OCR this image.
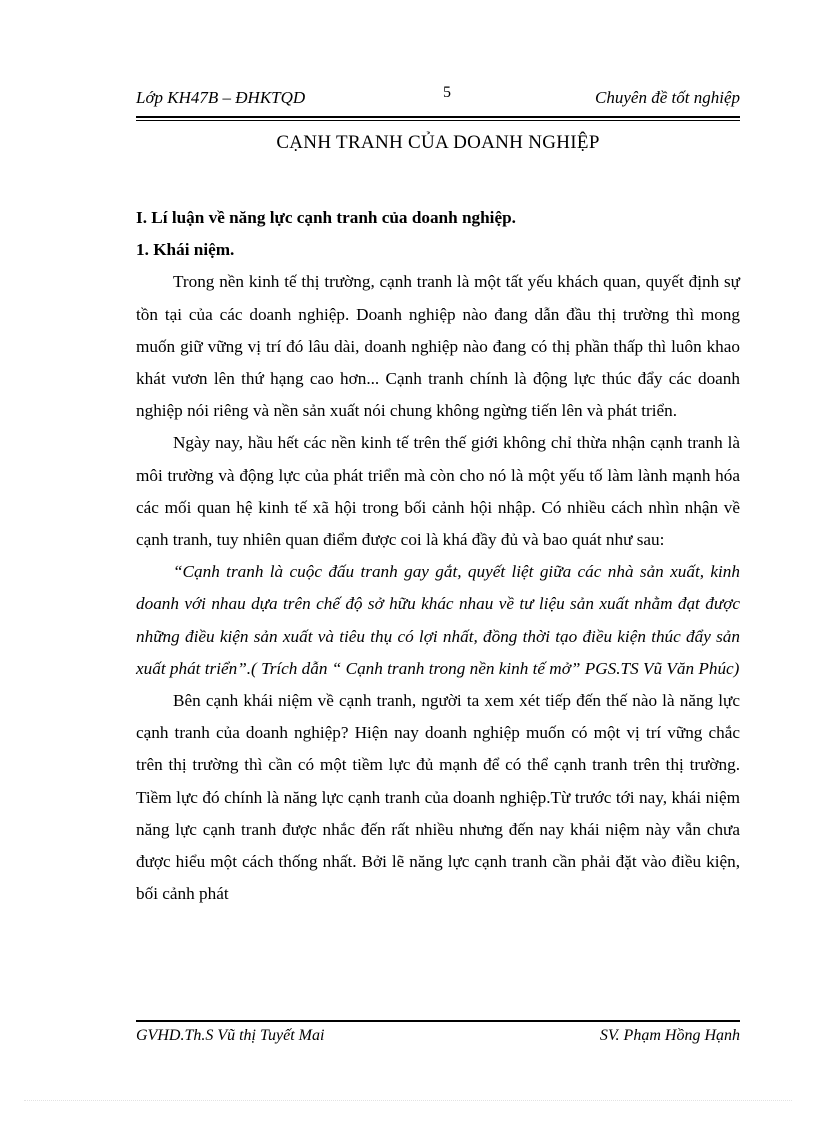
Lớp KH47B – ĐHKTQD	5	Chuyên đề tốt nghiệp
CẠNH TRANH CỦA DOANH NGHIỆP

I. Lí luận về năng lực cạnh tranh của doanh nghiệp.

1. Khái niệm.

Trong nền kinh tế thị trường, cạnh tranh là một tất yếu khách quan, quyết định sự tồn tại của các doanh nghiệp. Doanh nghiệp nào đang dẫn đầu thị trường thì mong muốn giữ vững vị trí đó lâu dài, doanh nghiệp nào đang có thị phần thấp thì luôn khao khát vươn lên thứ hạng cao hơn... Cạnh tranh chính là động lực thúc đẩy các doanh nghiệp nói riêng và nền sản xuất nói chung không ngừng tiến lên và phát triển.

Ngày nay, hầu hết các nền kinh tế trên thế giới không chỉ thừa nhận cạnh tranh là môi trường và động lực của phát triển mà còn cho nó là một yếu tố làm lành mạnh hóa các mối quan hệ kinh tế xã hội trong bối cảnh hội nhập. Có nhiều cách nhìn nhận về cạnh tranh, tuy nhiên quan điểm được coi là khá đầy đủ và bao quát như sau:

“Cạnh tranh là cuộc đấu tranh gay gắt, quyết liệt giữa các nhà sản xuất, kinh doanh với nhau dựa trên chế độ sở hữu khác nhau về tư liệu sản xuất nhằm đạt được những điều kiện sản xuất và tiêu thụ có lợi nhất, đồng thời tạo điều kiện thúc đẩy sản xuất phát triển”.( Trích dẫn “ Cạnh tranh trong nền kinh tế mở” PGS.TS Vũ Văn Phúc)

Bên cạnh khái niệm về cạnh tranh, người ta xem xét tiếp đến thế nào là năng lực cạnh tranh của doanh nghiệp? Hiện nay doanh nghiệp muốn có một vị trí vững chắc trên thị trường thì cần có một tiềm lực đủ mạnh để có thể cạnh tranh trên thị trường. Tiềm lực đó chính là năng lực cạnh tranh của doanh nghiệp.Từ trước tới nay, khái niệm năng lực cạnh tranh được nhắc đến rất nhiều nhưng đến nay khái niệm này vẫn chưa được hiểu một cách thống nhất. Bởi lẽ năng lực cạnh tranh cần phải đặt vào điều kiện, bối cảnh phát

GVHD.Th.S Vũ thị Tuyết Mai	SV. Phạm Hồng Hạnh
